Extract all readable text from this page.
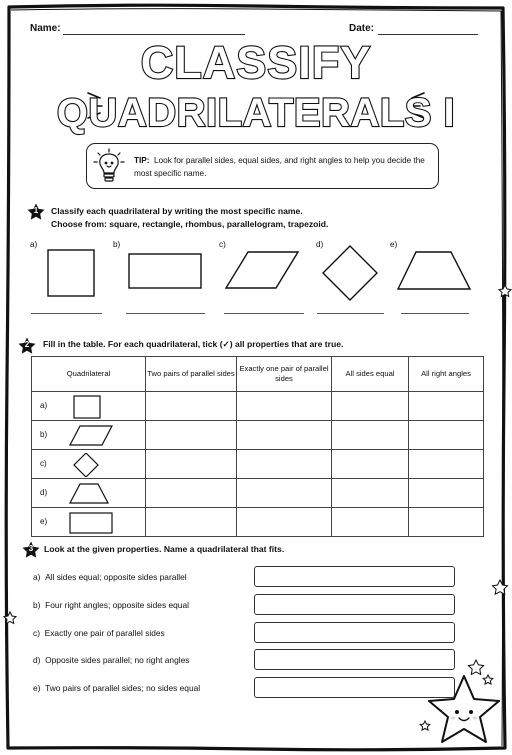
Name:	Date:
CLASSIFY
QUADRILATERALS I
TIP: Look for parallel sides, equal sides, and right angles to help you decide the most specific name.
1	Classify each quadrilateral by writing the most specific name.
Choose from: square, rectangle, rhombus, parallelogram, trapezoid.
a)	b)	c)	d)	e)
2	Fill in the table. For each quadrilateral, tick (✓) all properties that are true.
Quadrilateral	Two pairs of parallel sides	Exactly one pair of parallel sides	All sides equal	All right angles

a)				

b)				

c)				

d)				

e)				

3	Look at the given properties. Name a quadrilateral that fits.
a) All sides equal; opposite sides parallel
b) Four right angles; opposite sides equal
c) Exactly one pair of parallel sides
d) Opposite sides parallel; no right angles
e) Two pairs of parallel sides; no sides equal
